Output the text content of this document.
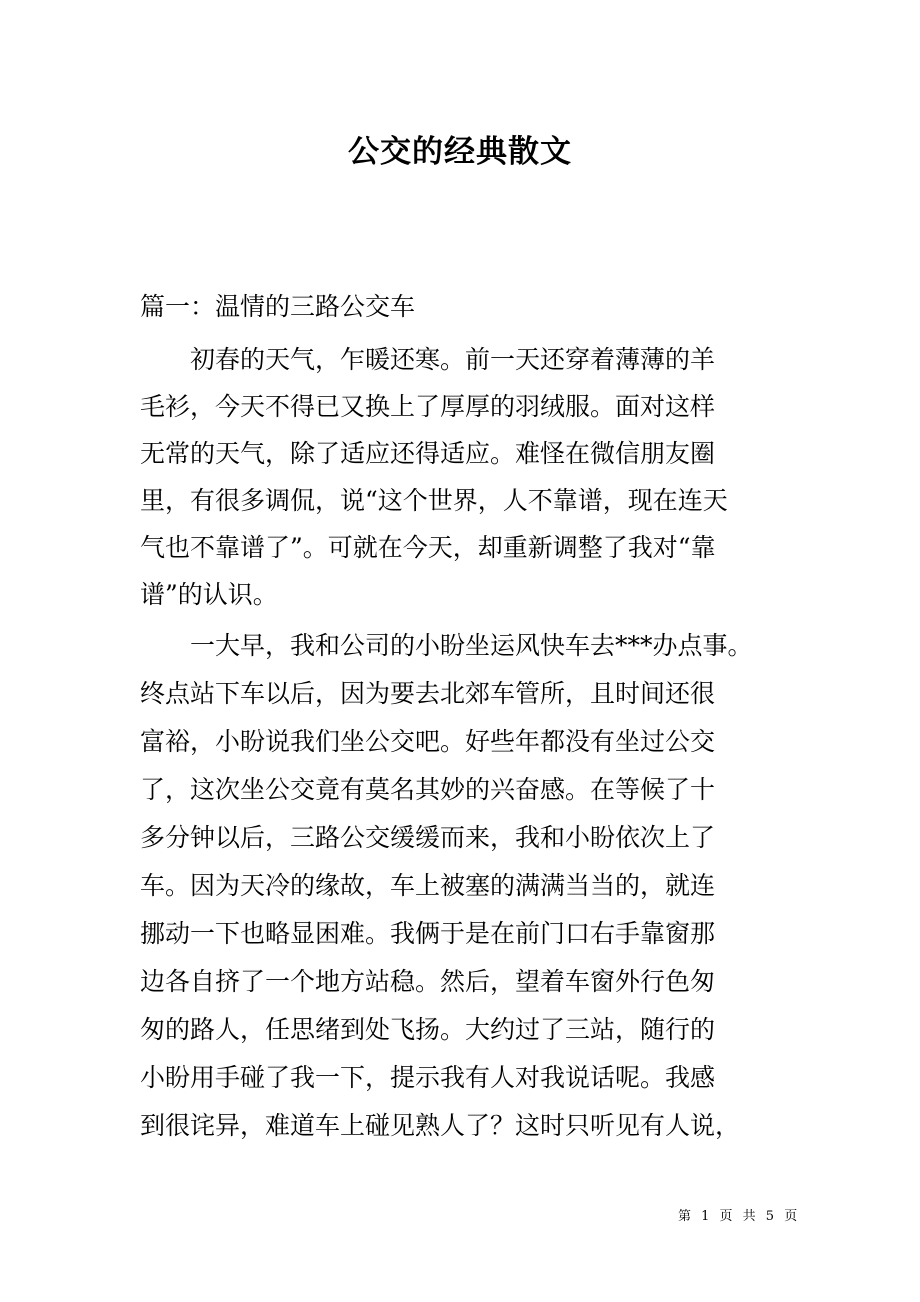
公交的经典散文
篇一：温情的三路公交车
　　初春的天气，乍暖还寒。前一天还穿着薄薄的羊
毛衫，今天不得已又换上了厚厚的羽绒服。面对这样
无常的天气，除了适应还得适应。难怪在微信朋友圈
里，有很多调侃，说“这个世界，人不靠谱，现在连天
气也不靠谱了”。可就在今天，却重新调整了我对“靠
谱”的认识。
　　一大早，我和公司的小盼坐运风快车去***办点事。
终点站下车以后，因为要去北郊车管所，且时间还很
富裕，小盼说我们坐公交吧。好些年都没有坐过公交
了，这次坐公交竟有莫名其妙的兴奋感。在等候了十
多分钟以后，三路公交缓缓而来，我和小盼依次上了
车。因为天冷的缘故，车上被塞的满满当当的，就连
挪动一下也略显困难。我俩于是在前门口右手靠窗那
边各自挤了一个地方站稳。然后，望着车窗外行色匆
匆的路人，任思绪到处飞扬。大约过了三站，随行的
小盼用手碰了我一下，提示我有人对我说话呢。我感
到很诧异，难道车上碰见熟人了？这时只听见有人说，
第 1 页 共 5 页
